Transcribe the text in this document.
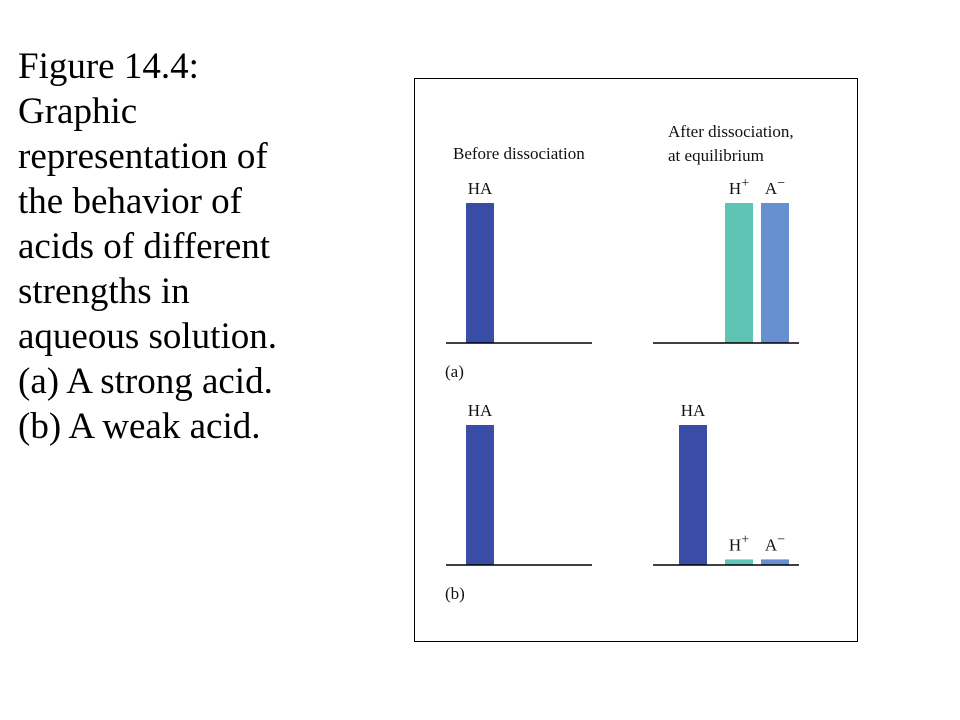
Figure 14.4: Graphic representation of the behavior of acids of different strengths in aqueous solution. (a) A strong acid. (b) A weak acid.
Before dissociation
After dissociation,
at equilibrium
HA	H+ A−
(a)
HA	HA
H+ A−
(b)
